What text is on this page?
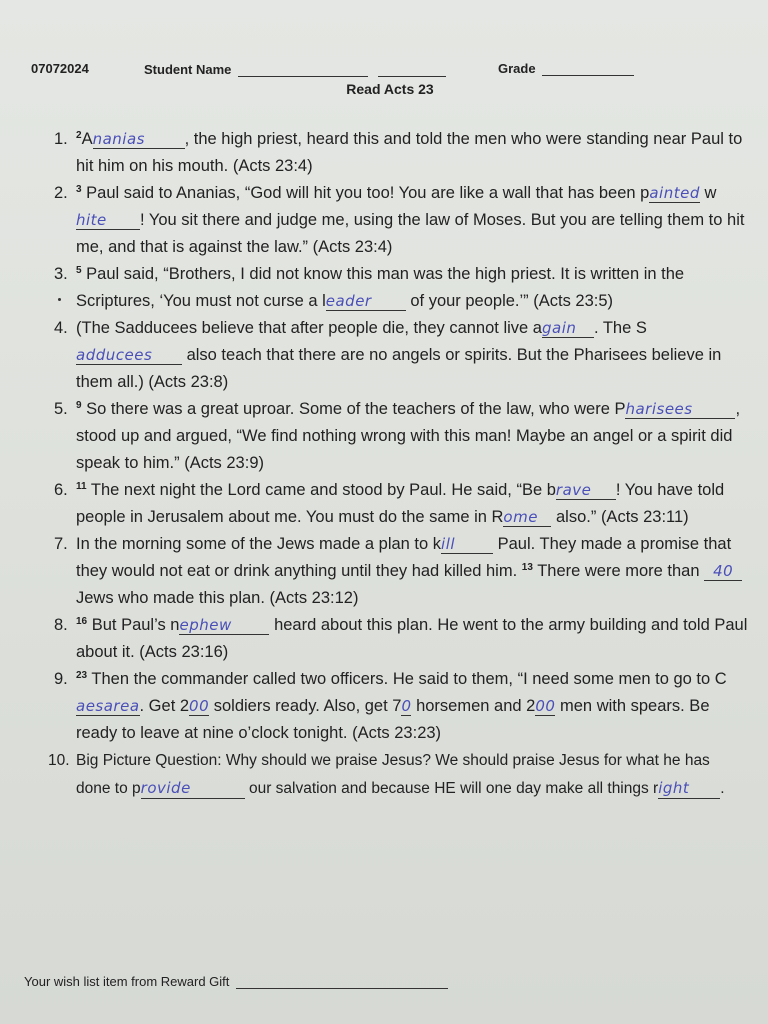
07072024	Student Name	Grade
Read Acts 23
1. $^2$Ananias , the high priest, heard this and told the men who were standing near Paul to hit him on his mouth. (Acts 23:4)
2. $^3$ Paul said to Ananias, “God will hit you too! You are like a wall that has been painted white ! You sit there and judge me, using the law of Moses. But you are telling them to hit me, and that is against the law.” (Acts 23:4)
3. $^5$ Paul said, “Brothers, I did not know this man was the high priest. It is written in the Scriptures, ‘You must not curse a leader of your people.’” (Acts 23:5)
4. (The Sadducees believe that after people die, they cannot live again . The Sadducees also teach that there are no angels or spirits. But the Pharisees believe in them all.) (Acts 23:8)
5. $^9$ So there was a great uproar. Some of the teachers of the law, who were Pharisees	, stood up and argued, “We find nothing wrong with this man! Maybe an angel or a spirit did speak to him.” (Acts 23:9)
6. $^{11}$ The next night the Lord came and stood by Paul. He said, “Be brave ! You have told people in Jerusalem about me. You must do the same in Rome also.” (Acts 23:11)
7. In the morning some of the Jews made a plan to kill Paul. They made a promise that they would not eat or drink anything until they had killed him. $^{13}$ There were more than 40 Jews who made this plan. (Acts 23:12)
8. $^{16}$ But Paul’s nephew heard about this plan. He went to the army building and told Paul about it. (Acts 23:16)
9. $^{23}$ Then the commander called two officers. He said to them, “I need some men to go to Caesarea. Get 200 soldiers ready. Also, get 70 horsemen and 200 men with spears. Be ready to leave at nine o’clock tonight. (Acts 23:23)
10. Big Picture Question: Why should we praise Jesus? We should praise Jesus for what he has done to provide	our salvation and because HE will one day make all things right .
Your wish list item from Reward Gift
